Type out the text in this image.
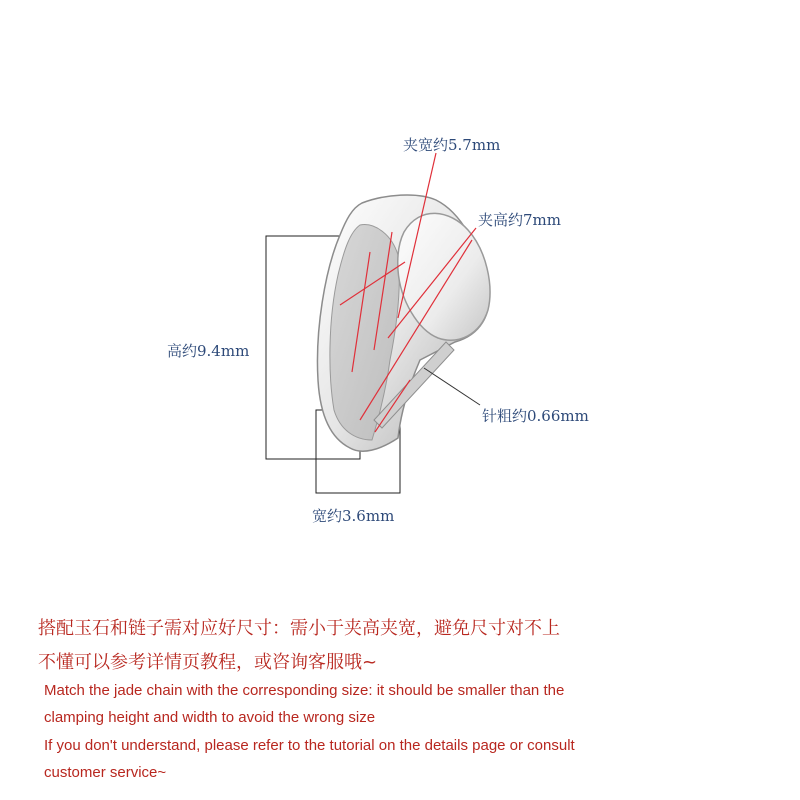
夹宽约5.7mm
夹高约7mm
高约9.4mm
针粗约0.66mm
宽约3.6mm
搭配玉石和链子需对应好尺寸：需小于夹高夹宽，避免尺寸对不上
不懂可以参考详情页教程，或咨询客服哦~
Match the jade chain with the corresponding size: it should be smaller than the
clamping height and width to avoid the wrong size
If you don't understand, please refer to the tutorial on the details page or consult
customer service~
